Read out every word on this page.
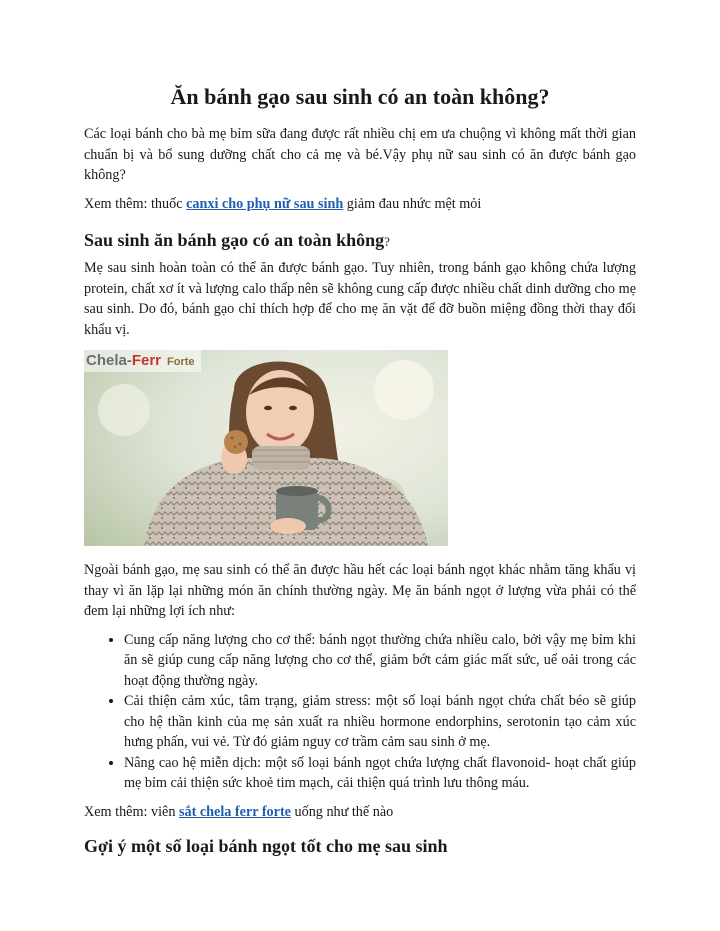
Ăn bánh gạo sau sinh có an toàn không?

Các loại bánh cho bà mẹ bỉm sữa đang được rất nhiều chị em ưa chuộng vì không mất thời gian chuẩn bị và bổ sung dưỡng chất cho cả mẹ và bé.Vậy phụ nữ sau sinh có ăn được bánh gạo không?

Xem thêm: thuốc canxi cho phụ nữ sau sinh giảm đau nhức mệt mỏi

Sau sinh ăn bánh gạo có an toàn không?

Mẹ sau sinh hoàn toàn có thể ăn được bánh gạo. Tuy nhiên, trong bánh gạo không chứa lượng protein, chất xơ ít và lượng calo thấp nên sẽ không cung cấp được nhiều chất dinh dưỡng cho mẹ sau sinh. Do đó, bánh gạo chỉ thích hợp để cho mẹ ăn vặt để đỡ buồn miệng đồng thời thay đổi khẩu vị.

Chela-Ferr Forte

Ngoài bánh gạo, mẹ sau sinh có thể ăn được hầu hết các loại bánh ngọt khác nhằm tăng khẩu vị thay vì ăn lặp lại những món ăn chính thường ngày. Mẹ ăn bánh ngọt ở lượng vừa phải có thể đem lại những lợi ích như:

• Cung cấp năng lượng cho cơ thể: bánh ngọt thường chứa nhiều calo, bởi vậy mẹ bỉm khi ăn sẽ giúp cung cấp năng lượng cho cơ thể, giảm bớt cảm giác mất sức, uể oải trong các hoạt động thường ngày.
• Cải thiện cảm xúc, tâm trạng, giảm stress: một số loại bánh ngọt chứa chất béo sẽ giúp cho hệ thần kinh của mẹ sản xuất ra nhiều hormone endorphins, serotonin tạo cảm xúc hưng phấn, vui vẻ. Từ đó giảm nguy cơ trầm cảm sau sinh ở mẹ.
• Nâng cao hệ miễn dịch: một số loại bánh ngọt chứa lượng chất flavonoid- hoạt chất giúp mẹ bỉm cải thiện sức khoẻ tim mạch, cải thiện quá trình lưu thông máu.

Xem thêm: viên sắt chela ferr forte uống như thế nào

Gợi ý một số loại bánh ngọt tốt cho mẹ sau sinh
